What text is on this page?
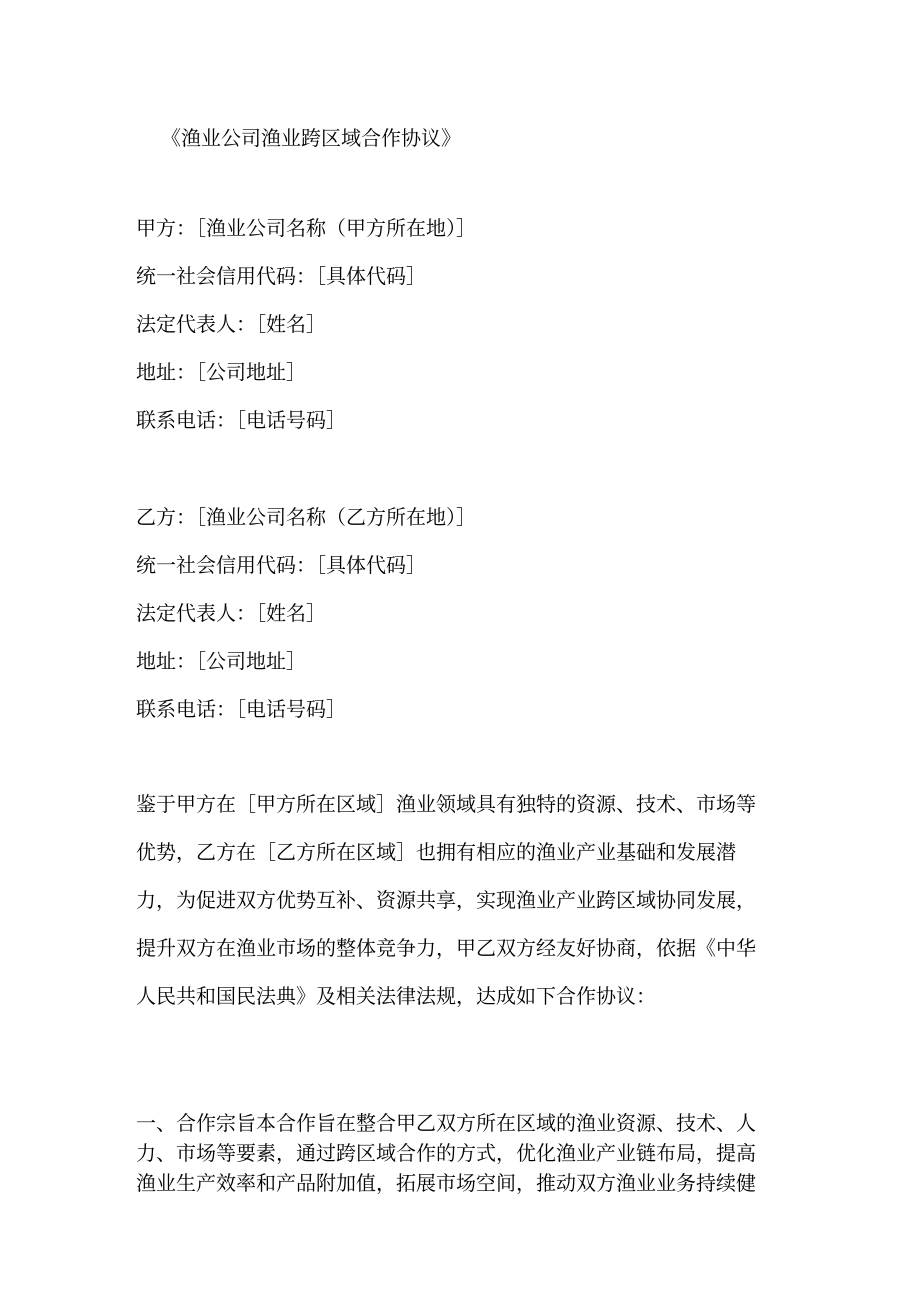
《渔业公司渔业跨区域合作协议》
甲方：［渔业公司名称（甲方所在地）］
统一社会信用代码：［具体代码］
法定代表人：［姓名］
地址：［公司地址］
联系电话：［电话号码］
乙方：［渔业公司名称（乙方所在地）］
统一社会信用代码：［具体代码］
法定代表人：［姓名］
地址：［公司地址］
联系电话：［电话号码］
鉴于甲方在［甲方所在区域］渔业领域具有独特的资源、技术、市场等
优势，乙方在［乙方所在区域］也拥有相应的渔业产业基础和发展潜
力，为促进双方优势互补、资源共享，实现渔业产业跨区域协同发展，
提升双方在渔业市场的整体竞争力，甲乙双方经友好协商，依据《中华
人民共和国民法典》及相关法律法规，达成如下合作协议：
一、合作宗旨本合作旨在整合甲乙双方所在区域的渔业资源、技术、人
力、市场等要素，通过跨区域合作的方式，优化渔业产业链布局，提高
渔业生产效率和产品附加值，拓展市场空间，推动双方渔业业务持续健
